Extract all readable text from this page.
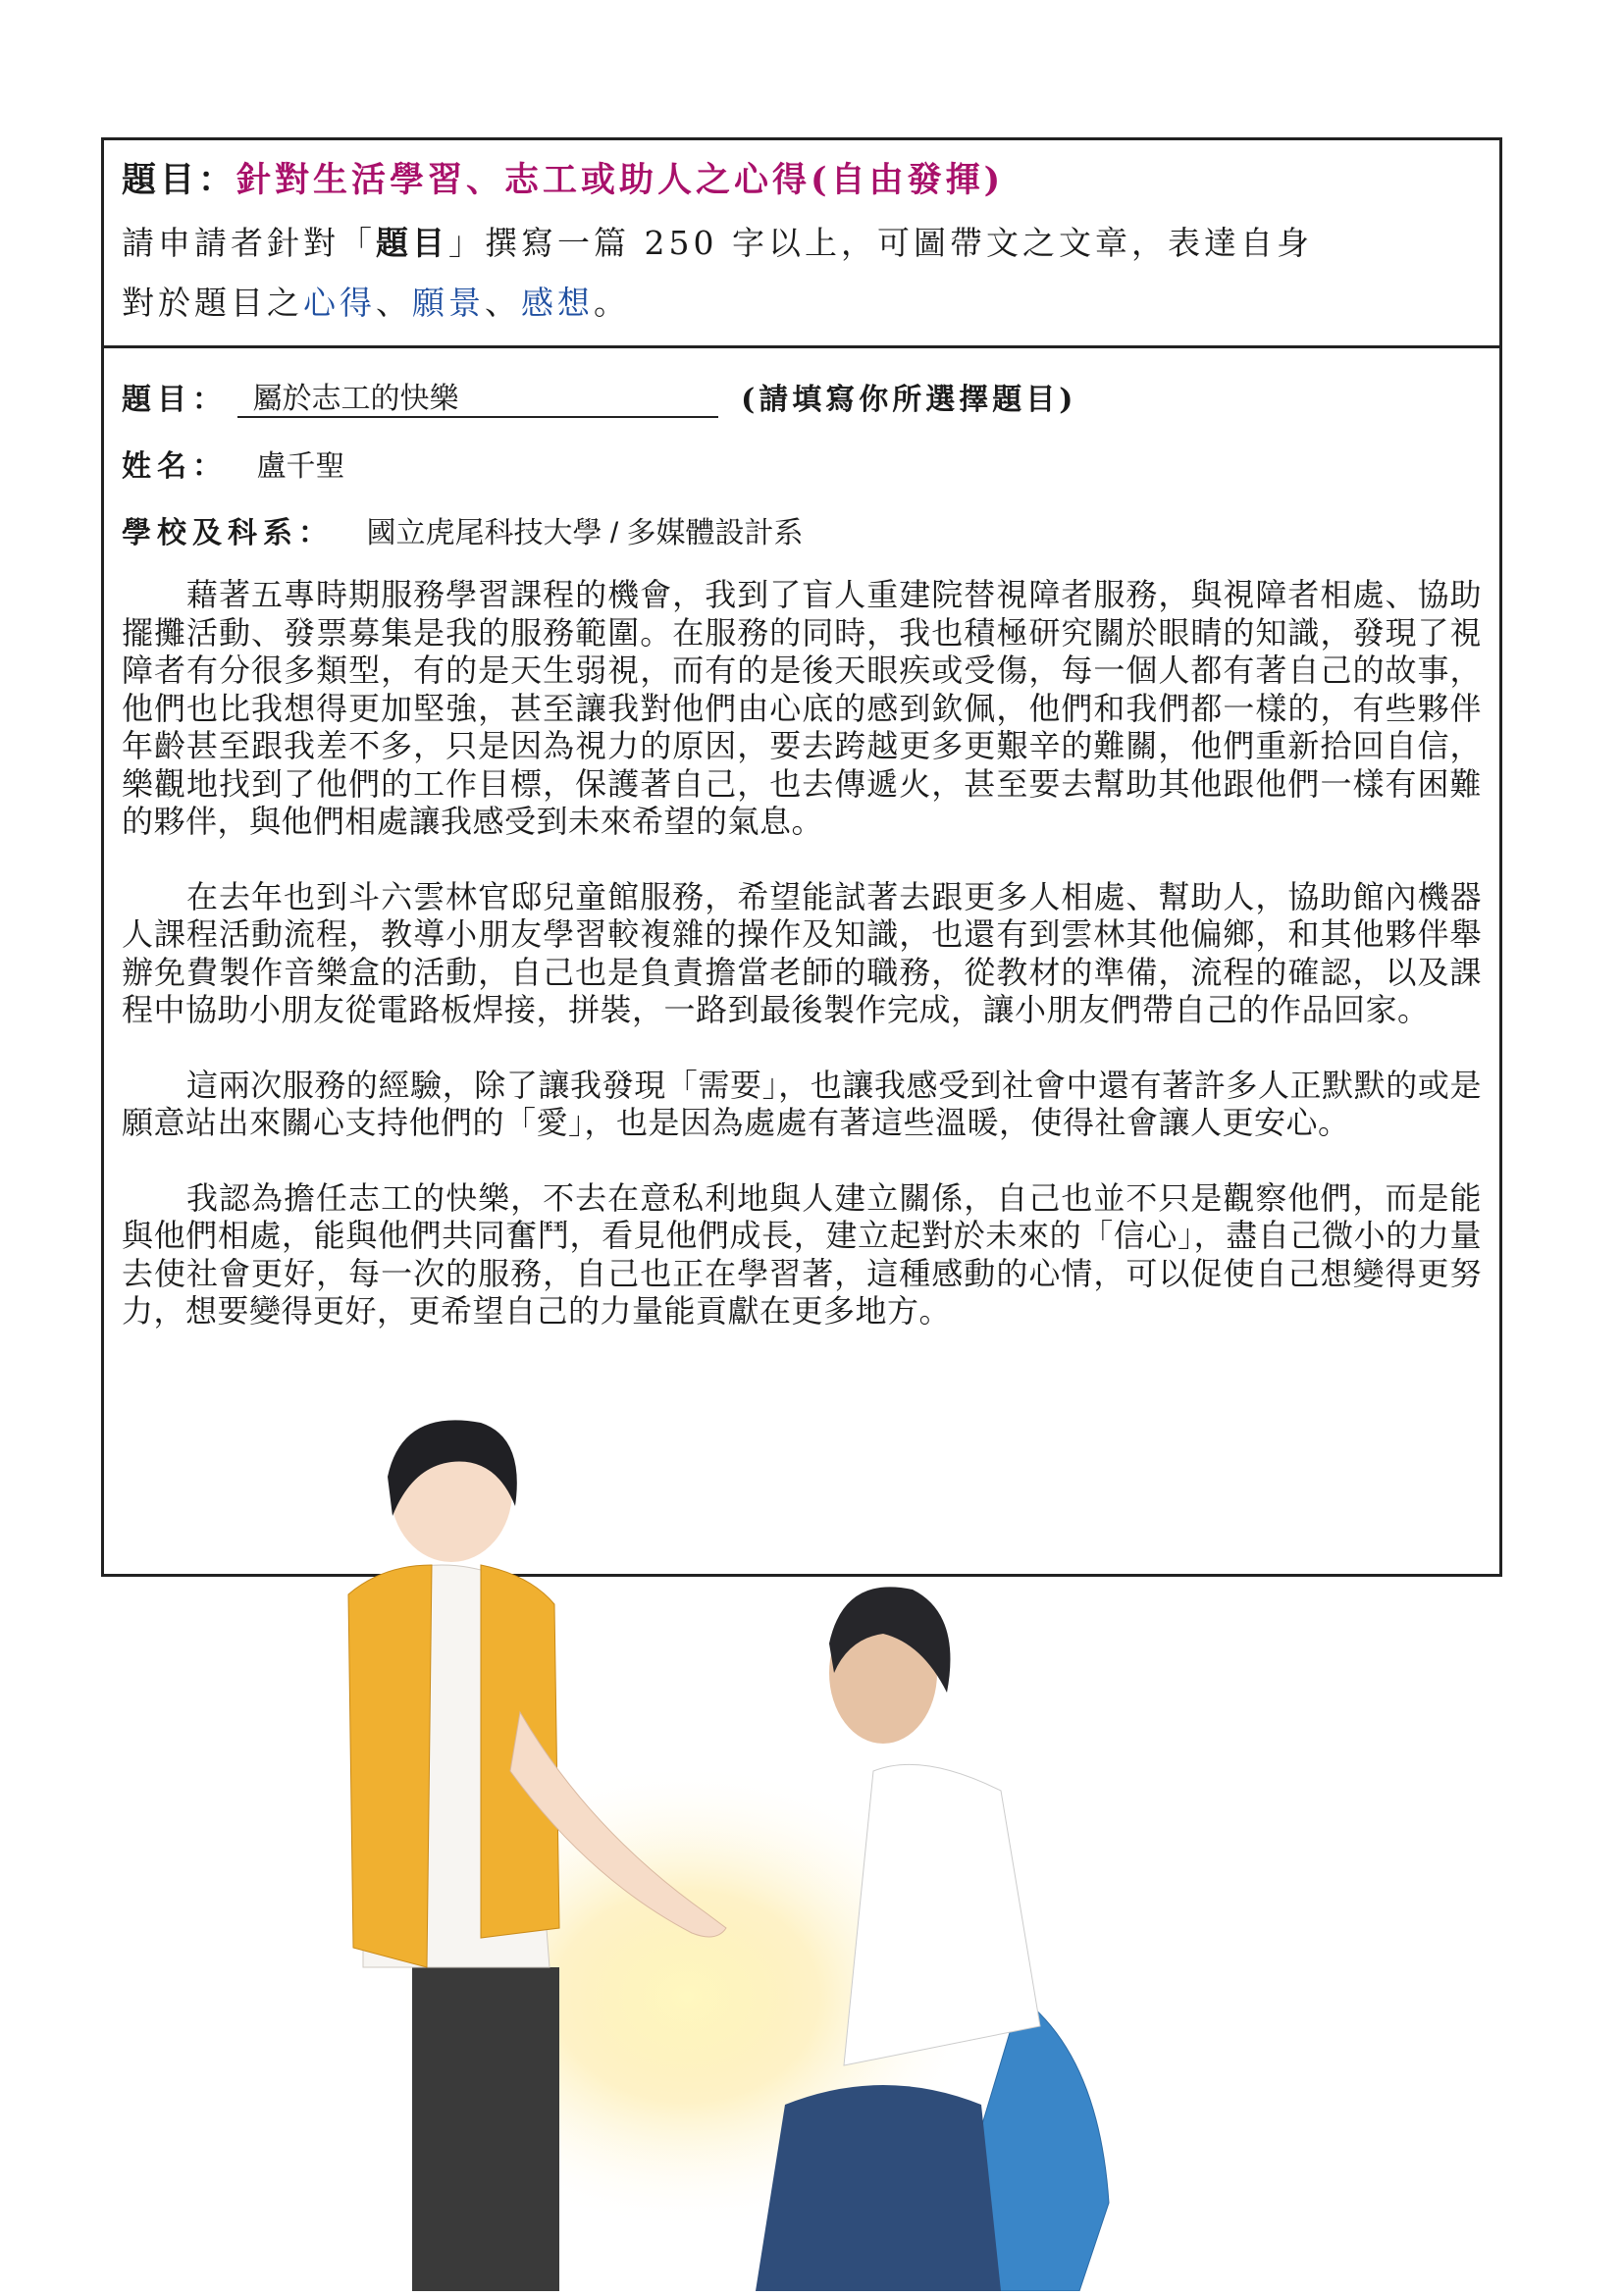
題目：針對生活學習、志工或助人之心得(自由發揮)
請申請者針對「題目」撰寫一篇 250 字以上，可圖帶文之文章，表達自身
對於題目之心得、願景、感想。
題目： 屬於志工的快樂	(請填寫你所選擇題目)
姓名： 盧千聖
學校及科系： 國立虎尾科技大學 / 多媒體設計系

藉著五專時期服務學習課程的機會，我到了盲人重建院替視障者服務，與視障者相處、協助擺攤活動、發票募集是我的服務範圍。在服務的同時，我也積極研究關於眼睛的知識，發現了視障者有分很多類型，有的是天生弱視，而有的是後天眼疾或受傷，每一個人都有著自己的故事，他們也比我想得更加堅強，甚至讓我對他們由心底的感到欽佩，他們和我們都一樣的，有些夥伴年齡甚至跟我差不多，只是因為視力的原因，要去跨越更多更艱辛的難關，他們重新拾回自信，樂觀地找到了他們的工作目標，保護著自己，也去傳遞火，甚至要去幫助其他跟他們一樣有困難的夥伴，與他們相處讓我感受到未來希望的氣息。

在去年也到斗六雲林官邸兒童館服務，希望能試著去跟更多人相處、幫助人，協助館內機器人課程活動流程，教導小朋友學習較複雜的操作及知識，也還有到雲林其他偏鄉，和其他夥伴舉辦免費製作音樂盒的活動，自己也是負責擔當老師的職務，從教材的準備，流程的確認，以及課程中協助小朋友從電路板焊接，拼裝，一路到最後製作完成，讓小朋友們帶自己的作品回家。

這兩次服務的經驗，除了讓我發現「需要」，也讓我感受到社會中還有著許多人正默默的或是願意站出來關心支持他們的「愛」，也是因為處處有著這些溫暖，使得社會讓人更安心。

我認為擔任志工的快樂，不去在意私利地與人建立關係，自己也並不只是觀察他們，而是能與他們相處，能與他們共同奮鬥，看見他們成長，建立起對於未來的「信心」，盡自己微小的力量去使社會更好，每一次的服務，自己也正在學習著，這種感動的心情，可以促使自己想變得更努力，想要變得更好，更希望自己的力量能貢獻在更多地方。
